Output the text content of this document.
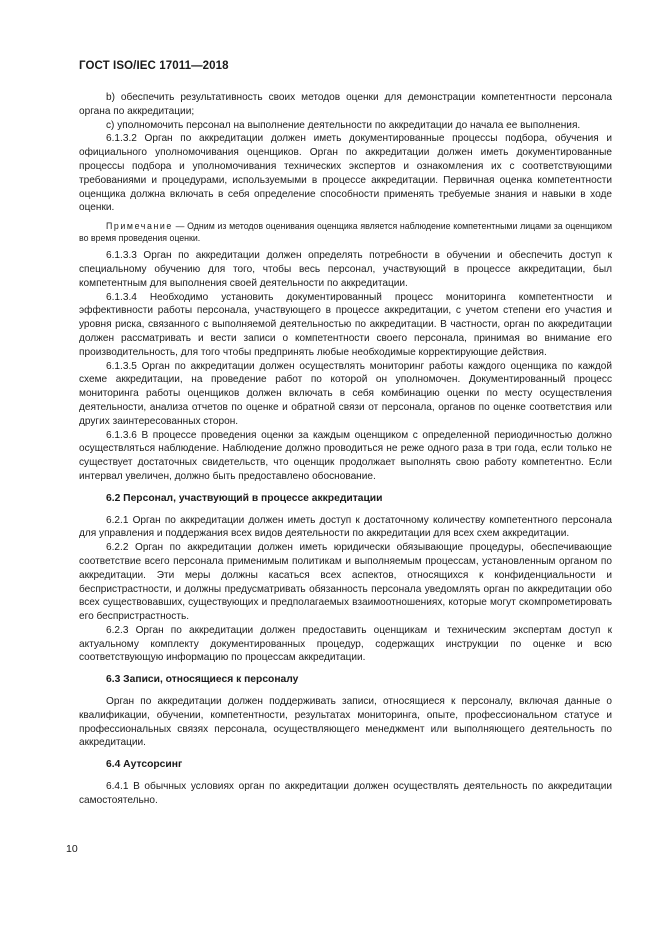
ГОСТ ISO/IEC 17011—2018

b) обеспечить результативность своих методов оценки для демонстрации компетентности персонала органа по аккредитации;

c) уполномочить персонал на выполнение деятельности по аккредитации до начала ее выполнения.

6.1.3.2 Орган по аккредитации должен иметь документированные процессы подбора, обучения и официального уполномочивания оценщиков. Орган по аккредитации должен иметь документированные процессы подбора и уполномочивания технических экспертов и ознакомления их с соответствующими требованиями и процедурами, используемыми в процессе аккредитации. Первичная оценка компетентности оценщика должна включать в себя определение способности применять требуемые знания и навыки в ходе оценки.

Примечание — Одним из методов оценивания оценщика является наблюдение компетентными лицами за оценщиком во время проведения оценки.

6.1.3.3 Орган по аккредитации должен определять потребности в обучении и обеспечить доступ к специальному обучению для того, чтобы весь персонал, участвующий в процессе аккредитации, был компетентным для выполнения своей деятельности по аккредитации.

6.1.3.4 Необходимо установить документированный процесс мониторинга компетентности и эффективности работы персонала, участвующего в процессе аккредитации, с учетом степени его участия и уровня риска, связанного с выполняемой деятельностью по аккредитации. В частности, орган по аккредитации должен рассматривать и вести записи о компетентности своего персонала, принимая во внимание его производительность, для того чтобы предпринять любые необходимые корректирующие действия.

6.1.3.5 Орган по аккредитации должен осуществлять мониторинг работы каждого оценщика по каждой схеме аккредитации, на проведение работ по которой он уполномочен. Документированный процесс мониторинга работы оценщиков должен включать в себя комбинацию оценки по месту осуществления деятельности, анализа отчетов по оценке и обратной связи от персонала, органов по оценке соответствия или других заинтересованных сторон.

6.1.3.6 В процессе проведения оценки за каждым оценщиком с определенной периодичностью должно осуществляться наблюдение. Наблюдение должно проводиться не реже одного раза в три года, если только не существует достаточных свидетельств, что оценщик продолжает выполнять свою работу компетентно. Если интервал увеличен, должно быть предоставлено обоснование.

6.2 Персонал, участвующий в процессе аккредитации

6.2.1 Орган по аккредитации должен иметь доступ к достаточному количеству компетентного персонала для управления и поддержания всех видов деятельности по аккредитации для всех схем аккредитации.

6.2.2 Орган по аккредитации должен иметь юридически обязывающие процедуры, обеспечивающие соответствие всего персонала применимым политикам и выполняемым процессам, установленным органом по аккредитации. Эти меры должны касаться всех аспектов, относящихся к конфиденциальности и беспристрастности, и должны предусматривать обязанность персонала уведомлять орган по аккредитации обо всех существовавших, существующих и предполагаемых взаимоотношениях, которые могут скомпрометировать его беспристрастность.

6.2.3 Орган по аккредитации должен предоставить оценщикам и техническим экспертам доступ к актуальному комплекту документированных процедур, содержащих инструкции по оценке и всю соответствующую информацию по процессам аккредитации.

6.3 Записи, относящиеся к персоналу

Орган по аккредитации должен поддерживать записи, относящиеся к персоналу, включая данные о квалификации, обучении, компетентности, результатах мониторинга, опыте, профессиональном статусе и профессиональных связях персонала, осуществляющего менеджмент или выполняющего деятельность по аккредитации.

6.4 Аутсорсинг

6.4.1 В обычных условиях орган по аккредитации должен осуществлять деятельность по аккредитации самостоятельно.

10
